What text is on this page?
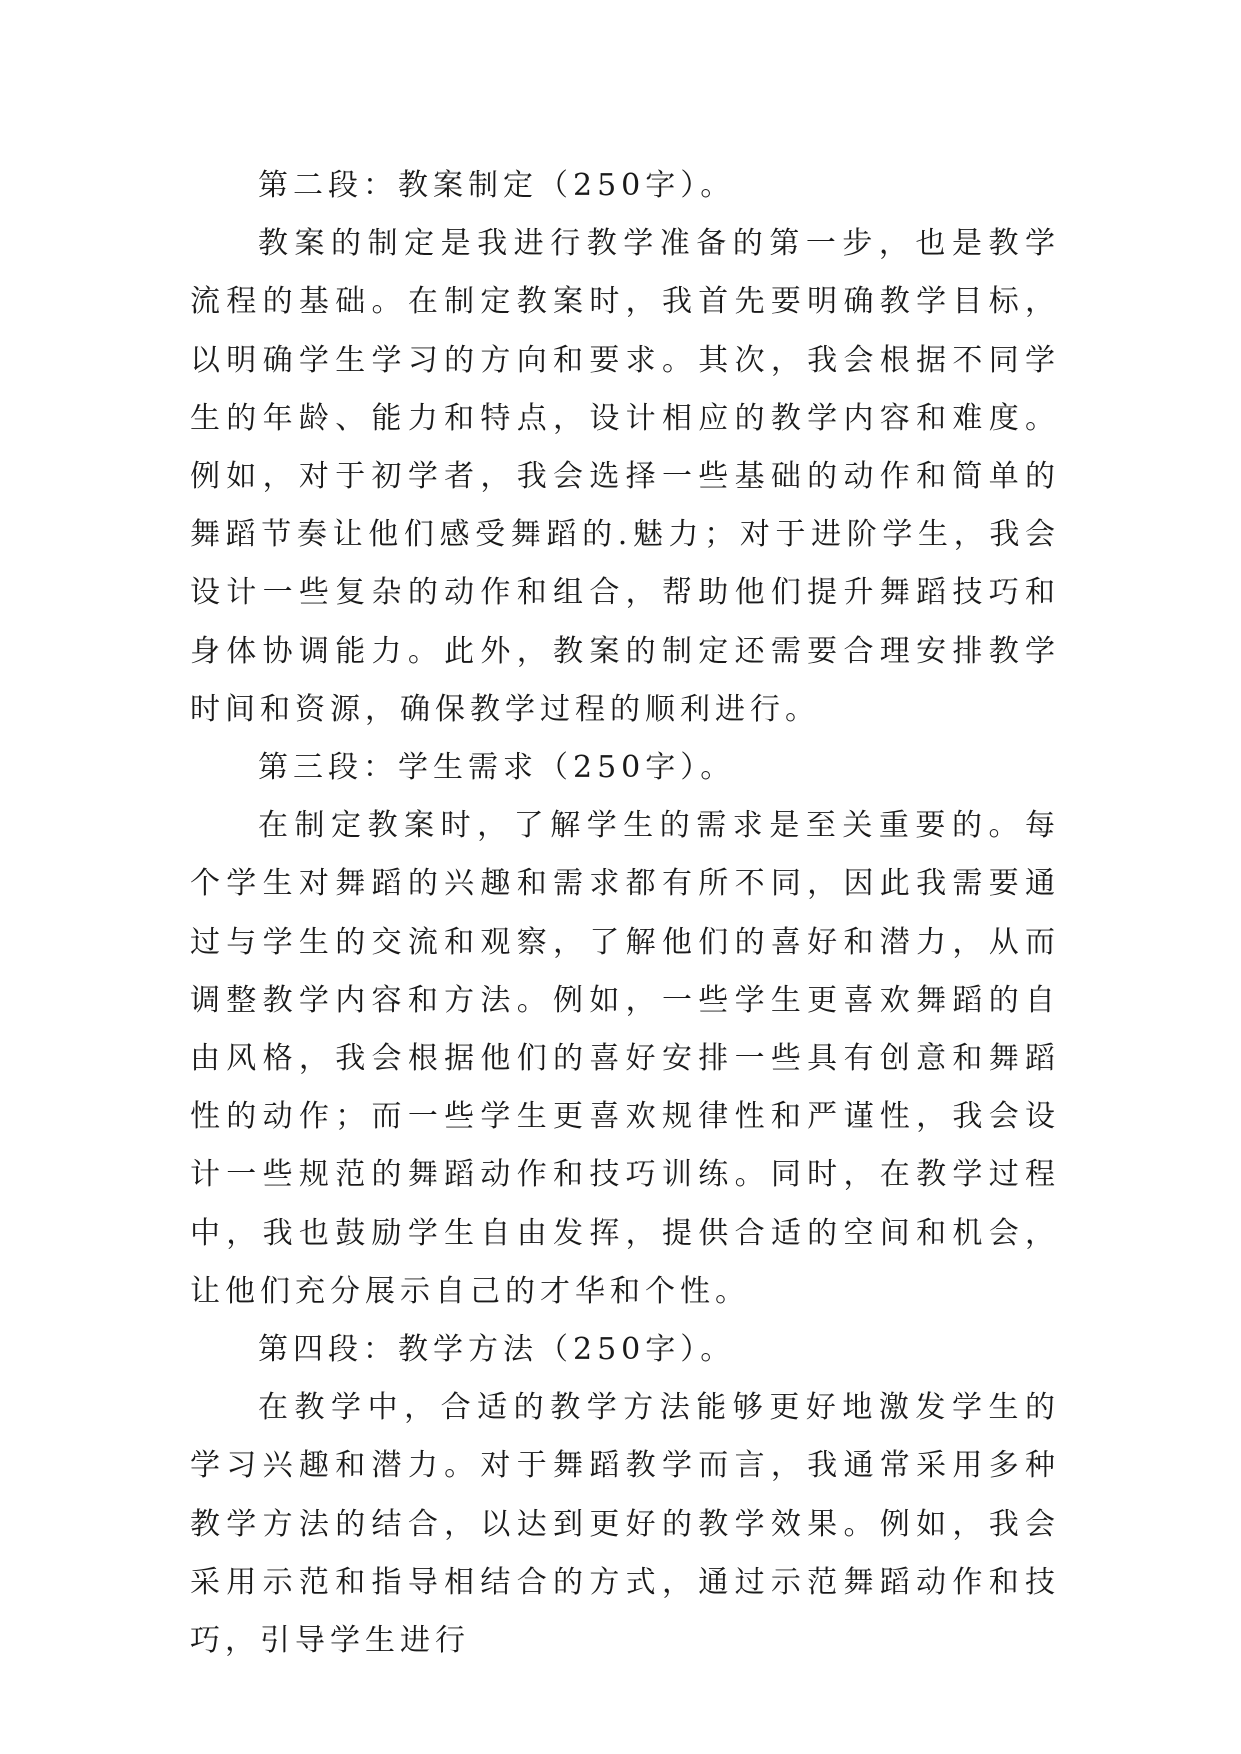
第二段：教案制定（250字）。

教案的制定是我进行教学准备的第一步，也是教学流程的基础。在制定教案时，我首先要明确教学目标，以明确学生学习的方向和要求。其次，我会根据不同学生的年龄、能力和特点，设计相应的教学内容和难度。例如，对于初学者，我会选择一些基础的动作和简单的舞蹈节奏让他们感受舞蹈的.魅力；对于进阶学生，我会设计一些复杂的动作和组合，帮助他们提升舞蹈技巧和身体协调能力。此外，教案的制定还需要合理安排教学时间和资源，确保教学过程的顺利进行。

第三段：学生需求（250字）。

在制定教案时，了解学生的需求是至关重要的。每个学生对舞蹈的兴趣和需求都有所不同，因此我需要通过与学生的交流和观察，了解他们的喜好和潜力，从而调整教学内容和方法。例如，一些学生更喜欢舞蹈的自由风格，我会根据他们的喜好安排一些具有创意和舞蹈性的动作；而一些学生更喜欢规律性和严谨性，我会设计一些规范的舞蹈动作和技巧训练。同时，在教学过程中，我也鼓励学生自由发挥，提供合适的空间和机会，让他们充分展示自己的才华和个性。

第四段：教学方法（250字）。

在教学中，合适的教学方法能够更好地激发学生的学习兴趣和潜力。对于舞蹈教学而言，我通常采用多种教学方法的结合，以达到更好的教学效果。例如，我会采用示范和指导相结合的方式，通过示范舞蹈动作和技巧，引导学生进行
